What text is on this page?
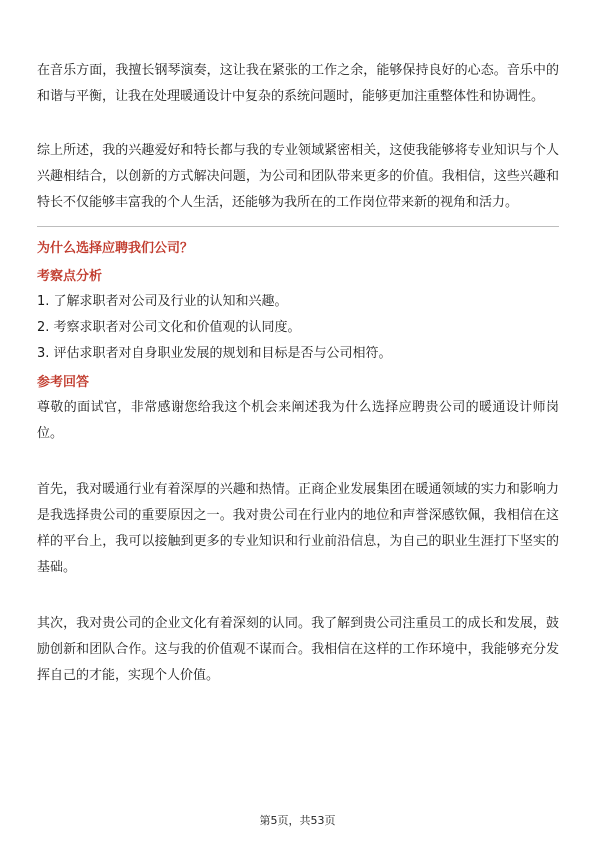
在音乐方面，我擅长钢琴演奏，这让我在紧张的工作之余，能够保持良好的心态。音乐中的和谐与平衡，让我在处理暖通设计中复杂的系统问题时，能够更加注重整体性和协调性。

综上所述，我的兴趣爱好和特长都与我的专业领域紧密相关，这使我能够将专业知识与个人兴趣相结合，以创新的方式解决问题，为公司和团队带来更多的价值。我相信，这些兴趣和特长不仅能够丰富我的个人生活，还能够为我所在的工作岗位带来新的视角和活力。

为什么选择应聘我们公司？

考察点分析

1. 了解求职者对公司及行业的认知和兴趣。
2. 考察求职者对公司文化和价值观的认同度。
3. 评估求职者对自身职业发展的规划和目标是否与公司相符。

参考回答

尊敬的面试官，非常感谢您给我这个机会来阐述我为什么选择应聘贵公司的暖通设计师岗位。

首先，我对暖通行业有着深厚的兴趣和热情。正商企业发展集团在暖通领域的实力和影响力是我选择贵公司的重要原因之一。我对贵公司在行业内的地位和声誉深感钦佩，我相信在这样的平台上，我可以接触到更多的专业知识和行业前沿信息，为自己的职业生涯打下坚实的基础。

其次，我对贵公司的企业文化有着深刻的认同。我了解到贵公司注重员工的成长和发展，鼓励创新和团队合作。这与我的价值观不谋而合。我相信在这样的工作环境中，我能够充分发挥自己的才能，实现个人价值。

第5页，共53页
